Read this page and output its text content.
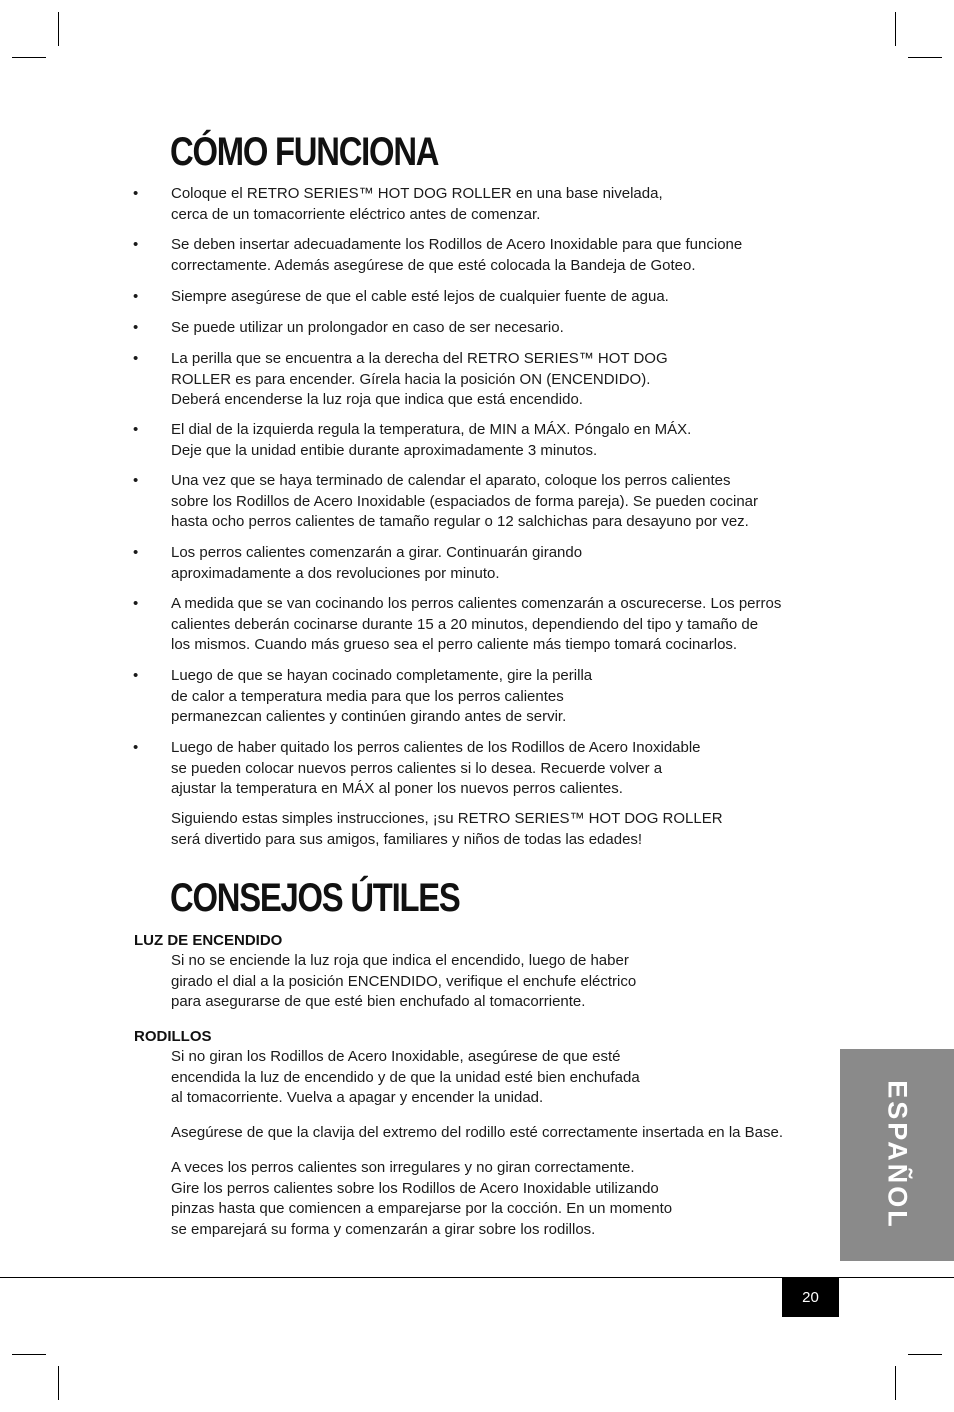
CÓMO FUNCIONA
•	Coloque el RETRO SERIES™ HOT DOG ROLLER en una base nivelada,
cerca de un tomacorriente eléctrico antes de comenzar.
•	Se deben insertar adecuadamente los Rodillos de Acero Inoxidable para que funcione
correctamente. Además asegúrese de que esté colocada la Bandeja de Goteo.
•	Siempre asegúrese de que el cable esté lejos de cualquier fuente de agua.
•	Se puede utilizar un prolongador en caso de ser necesario.
•	La perilla que se encuentra a la derecha del RETRO SERIES™ HOT DOG
ROLLER es para encender. Gírela hacia la posición ON (ENCENDIDO).
Deberá encenderse la luz roja que indica que está encendido.
•	El dial de la izquierda regula la temperatura, de MIN a MÁX. Póngalo en MÁX.
Deje que la unidad entibie durante aproximadamente 3 minutos.
•	Una vez que se haya terminado de calendar el aparato, coloque los perros calientes
sobre los Rodillos de Acero Inoxidable (espaciados de forma pareja). Se pueden cocinar
hasta ocho perros calientes de tamaño regular o 12 salchichas para desayuno por vez.
•	Los perros calientes comenzarán a girar. Continuarán girando
aproximadamente a dos revoluciones por minuto.
•	A medida que se van cocinando los perros calientes comenzarán a oscurecerse. Los perros
calientes deberán cocinarse durante 15 a 20 minutos, dependiendo del tipo y tamaño de
los mismos. Cuando más grueso sea el perro caliente más tiempo tomará cocinarlos.
•	Luego de que se hayan cocinado completamente, gire la perilla
de calor a temperatura media para que los perros calientes
permanezcan calientes y continúen girando antes de servir.
•	Luego de haber quitado los perros calientes de los Rodillos de Acero Inoxidable
se pueden colocar nuevos perros calientes si lo desea. Recuerde volver a
ajustar la temperatura en MÁX al poner los nuevos perros calientes.
Siguiendo estas simples instrucciones, ¡su RETRO SERIES™ HOT DOG ROLLER
será divertido para sus amigos, familiares y niños de todas las edades!
CONSEJOS ÚTILES
LUZ DE ENCENDIDO
Si no se enciende la luz roja que indica el encendido, luego de haber
girado el dial a la posición ENCENDIDO, verifique el enchufe eléctrico
para asegurarse de que esté bien enchufado al tomacorriente.
RODILLOS
Si no giran los Rodillos de Acero Inoxidable, asegúrese de que esté
encendida la luz de encendido y de que la unidad esté bien enchufada
al tomacorriente. Vuelva a apagar y encender la unidad.
Asegúrese de que la clavija del extremo del rodillo esté correctamente insertada en la Base.
A veces los perros calientes son irregulares y no giran correctamente.
Gire los perros calientes sobre los Rodillos de Acero Inoxidable utilizando
pinzas hasta que comiencen a emparejarse por la cocción. En un momento
se emparejará su forma y comenzarán a girar sobre los rodillos.	ESPAÑOL
20
